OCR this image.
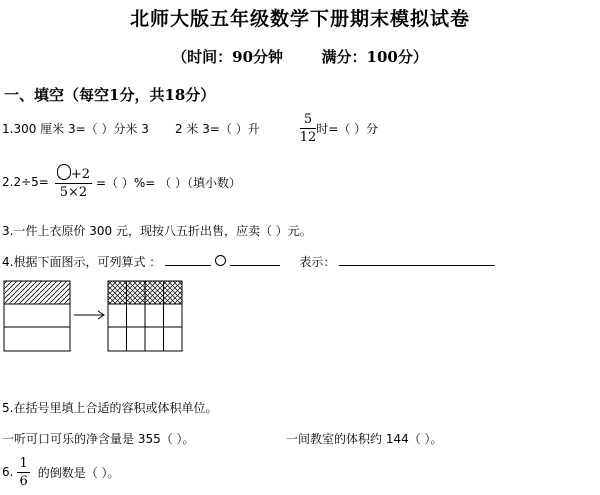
北师大版五年级数学下册期末模拟试卷
（时间：90分钟	满分：100分）
一、填空（每空1分，共18分）
1.300 厘米 3=（ ）分米 3 2 米 3=（ ）升	$\frac{5}{12}$ 时=（ ）分
$2.2\div 5= \frac{+2}{5\times 2}$ =（ ）%= （ ）（填小数）
3.一件上衣原价 300 元，现按八五折出售，应卖（ ）元。
4.根据下面图示，可列算式 ：	表示：
5.在括号里填上合适的容积或体积单位。
一听可口可乐的净含量是 355（ ）。	一间教室的体积约 144（ ）。
6. $\frac{1}{6}$ 的倒数是（ ）。
